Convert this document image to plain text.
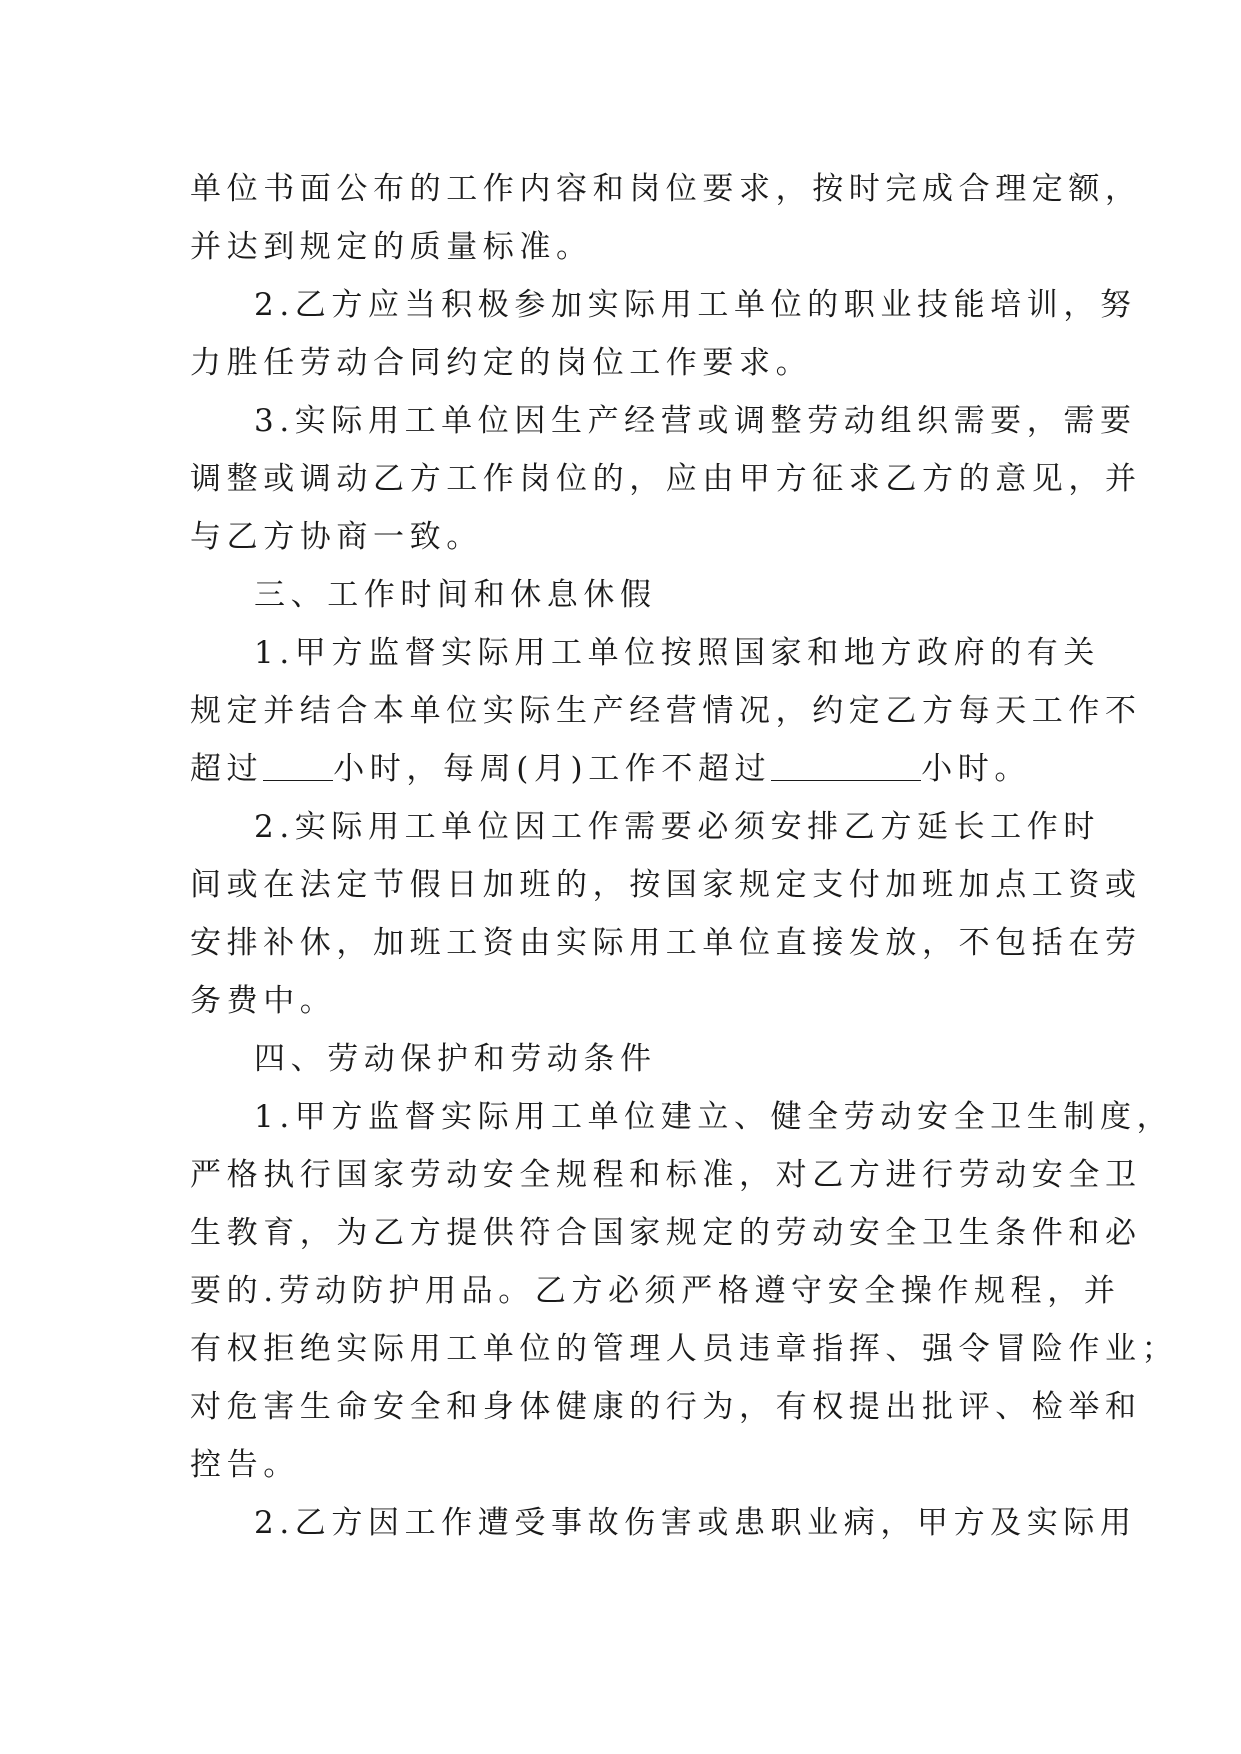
单位书面公布的工作内容和岗位要求，按时完成合理定额，
并达到规定的质量标准。

2.乙方应当积极参加实际用工单位的职业技能培训，努
力胜任劳动合同约定的岗位工作要求。

3.实际用工单位因生产经营或调整劳动组织需要，需要
调整或调动乙方工作岗位的，应由甲方征求乙方的意见，并
与乙方协商一致。

三、工作时间和休息休假

1.甲方监督实际用工单位按照国家和地方政府的有关
规定并结合本单位实际生产经营情况，约定乙方每天工作不
超过 小时，每周(月)工作不超过	小时。

2.实际用工单位因工作需要必须安排乙方延长工作时
间或在法定节假日加班的，按国家规定支付加班加点工资或
安排补休，加班工资由实际用工单位直接发放，不包括在劳
务费中。

四、劳动保护和劳动条件

1.甲方监督实际用工单位建立、健全劳动安全卫生制度，
严格执行国家劳动安全规程和标准，对乙方进行劳动安全卫
生教育，为乙方提供符合国家规定的劳动安全卫生条件和必
要的.劳动防护用品。乙方必须严格遵守安全操作规程，并
有权拒绝实际用工单位的管理人员违章指挥、强令冒险作业；
对危害生命安全和身体健康的行为，有权提出批评、检举和
控告。

2.乙方因工作遭受事故伤害或患职业病，甲方及实际用
